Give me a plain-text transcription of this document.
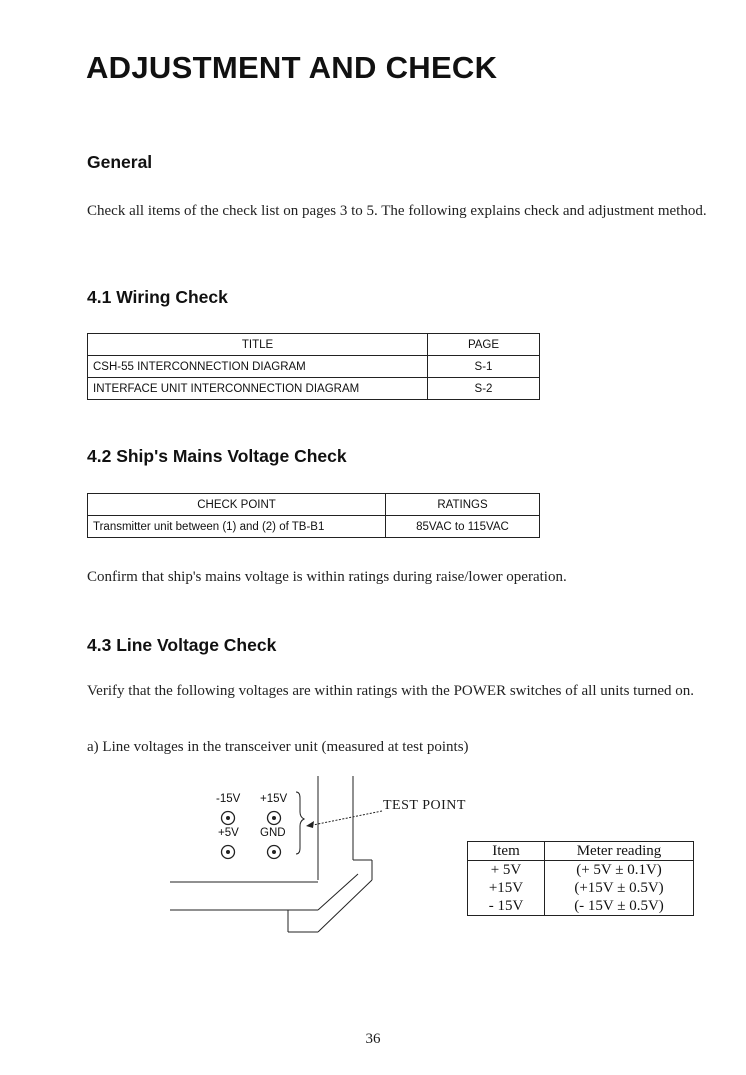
ADJUSTMENT AND CHECK
General

Check all items of the check list on pages 3 to 5. The following explains check and adjustment method.

4.1 Wiring Check
TITLE	PAGE
CSH-55 INTERCONNECTION DIAGRAM	S-1
INTERFACE UNIT INTERCONNECTION DIAGRAM	S-2
4.2 Ship's Mains Voltage Check
CHECK POINT	RATINGS
Transmitter unit between (1) and (2) of TB-B1	85VAC to 115VAC

Confirm that ship's mains voltage is within ratings during raise/lower operation.

4.3 Line Voltage Check

Verify that the following voltages are within ratings with the POWER switches of all units turned on.

a) Line voltages in the transceiver unit (measured at test points)

-15V +15V
+5V GND
TEST POINT
Item	Meter reading
+ 5V	(+ 5V ± 0.1V)
+15V	(+15V ± 0.5V)
- 15V	(- 15V ± 0.5V)
36
